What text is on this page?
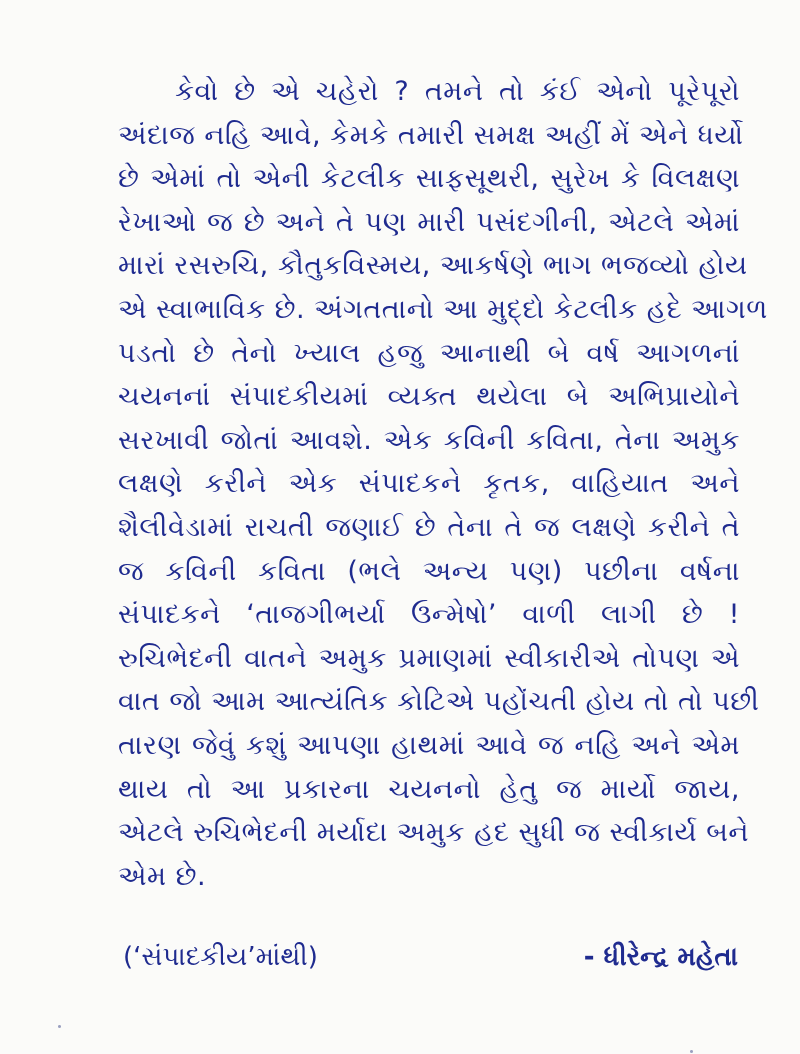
કેવો છે એ ચહેરો ? તમને તો કંઈ એનો પૂરેપૂરો
અંદાજ નહિ આવે, કેમકે તમારી સમક્ષ અહીં મેં એને ધર્યો
છે એમાં તો એની કેટલીક સાફસૂથરી, સુરેખ કે વિલક્ષણ
રેખાઓ જ છે અને તે પણ મારી પસંદગીની, એટલે એમાં
મારાં રસરુચિ, કૌતુકવિસ્મય, આકર્ષણે ભાગ ભજવ્યો હોય
એ સ્વાભાવિક છે. અંગતતાનો આ મુદ્દો કેટલીક હદે આગળ
પડતો છે તેનો ખ્યાલ હજુ આનાથી બે વર્ષ આગળનાં
ચયનનાં સંપાદકીયમાં વ્યક્ત થયેલા બે અભિપ્રાયોને
સરખાવી જોતાં આવશે. એક કવિની કવિતા, તેના અમુક
લક્ષણે કરીને એક સંપાદકને કૃતક, વાહિયાત અને
શૈલીવેડામાં રાચતી જણાઈ છે તેના તે જ લક્ષણે કરીને તે
જ કવિની કવિતા (ભલે અન્ય પણ) પછીના વર્ષના
સંપાદકને ‘તાજગીભર્યા ઉન્મેષો’ વાળી લાગી છે !
રુચિભેદની વાતને અમુક પ્રમાણમાં સ્વીકારીએ તોપણ એ
વાત જો આમ આત્યંતિક કોટિએ પહોંચતી હોય તો તો પછી
તારણ જેવું કશું આપણા હાથમાં આવે જ નહિ અને એમ
થાય તો આ પ્રકારના ચયનનો હેતુ જ માર્યો જાય,
એટલે રુચિભેદની મર્યાદા અમુક હદ સુધી જ સ્વીકાર્ય બને
એમ છે.
(‘સંપાદકીય’માંથી)	- ધીરેન્દ્ર મહેતા
